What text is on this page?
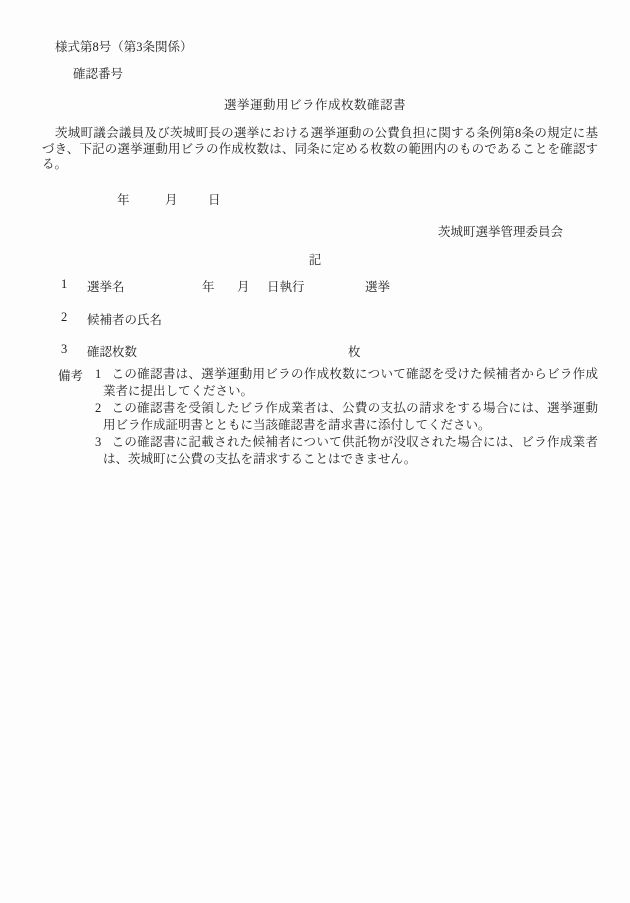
様式第8号（第3条関係）
確認番号
選挙運動用ビラ作成枚数確認書
茨城町議会議員及び茨城町長の選挙における選挙運動の公費負担に関する条例第8条の規定に基づき、下記の選挙運動用ビラの作成枚数は、同条に定める枚数の範囲内のものであることを確認する。
年	月 日
茨城町選挙管理委員会
記
1 選挙名	年 月 日執行	選挙
2 候補者の氏名
3 確認枚数	枚
備考 1 この確認書は、選挙運動用ビラの作成枚数について確認を受けた候補者からビラ作成業者に提出してください。
2 この確認書を受領したビラ作成業者は、公費の支払の請求をする場合には、選挙運動用ビラ作成証明書とともに当該確認書を請求書に添付してください。
3 この確認書に記載された候補者について供託物が没収された場合には、ビラ作成業者は、茨城町に公費の支払を請求することはできません。
